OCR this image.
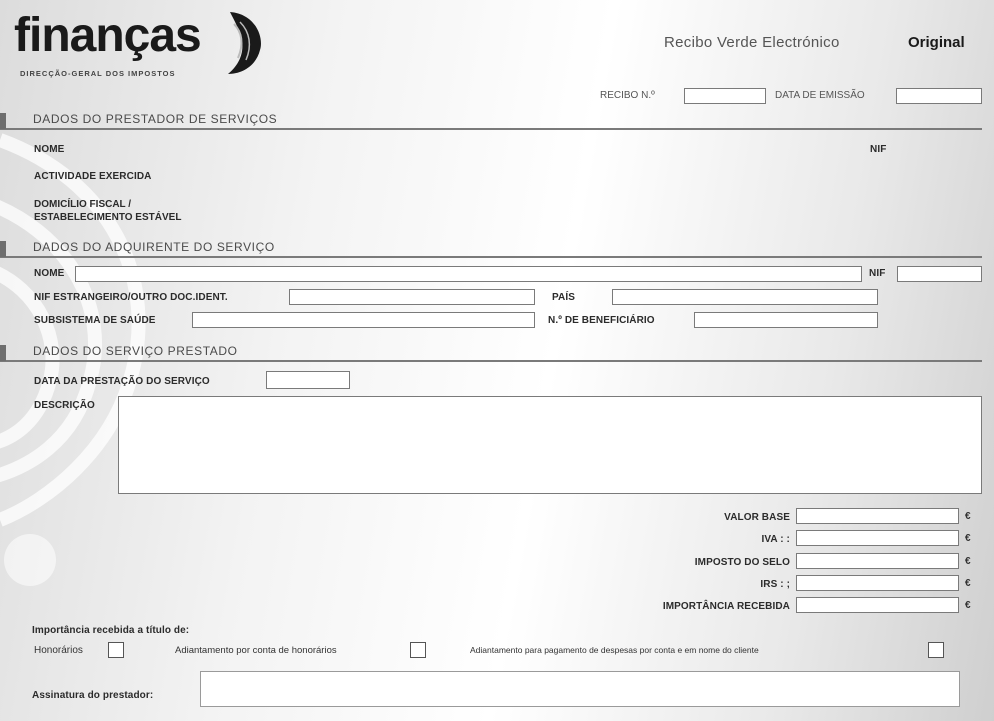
finanças
DIRECÇÃO-GERAL DOS IMPOSTOS
Recibo Verde Electrónico	Original
RECIBO N.º	DATA DE EMISSÃO
DADOS DO PRESTADOR DE SERVIÇOS
NOME	NIF
ACTIVIDADE EXERCIDA
DOMICÍLIO FISCAL /
ESTABELECIMENTO ESTÁVEL
DADOS DO ADQUIRENTE DO SERVIÇO
NOME	NIF
NIF ESTRANGEIRO/OUTRO DOC.IDENT.	PAÍS
SUBSISTEMA DE SAÚDE	N.º DE BENEFICIÁRIO
DADOS DO SERVIÇO PRESTADO
DATA DA PRESTAÇÃO DO SERVIÇO
DESCRIÇÃO
VALOR BASE	€
IVA : :	€
IMPOSTO DO SELO	€
IRS : ;	€
IMPORTÂNCIA RECEBIDA	€
Importância recebida a título de:
Honorários	Adiantamento por conta de honorários	Adiantamento para pagamento de despesas por conta e em nome do cliente
Assinatura do prestador:
